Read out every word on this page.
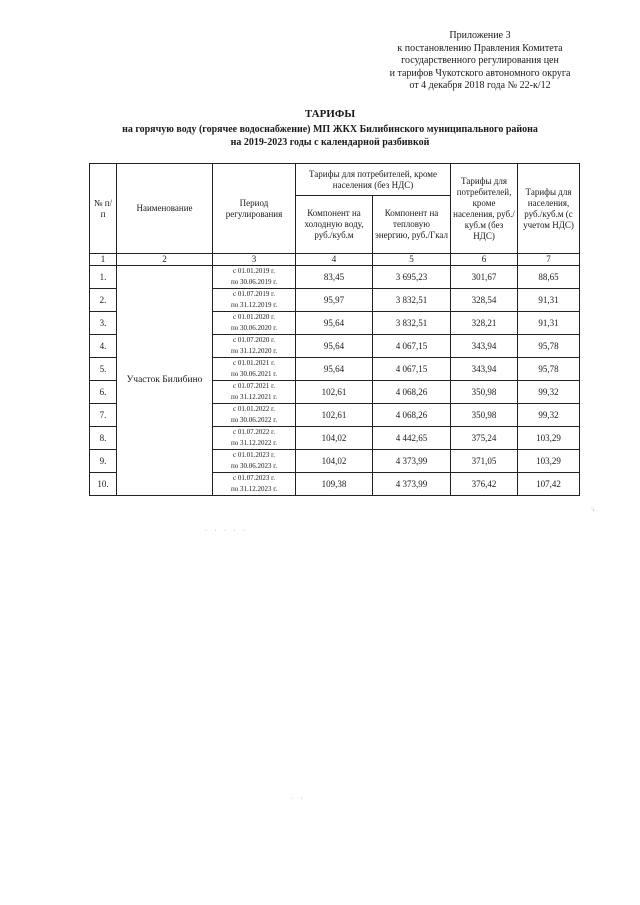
Приложение 3
к постановлению Правления Комитета
государственного регулирования цен
и тарифов Чукотского автономного округа
от 4 декабря 2018 года № 22-к/12
ТАРИФЫ
на горячую воду (горячее водоснабжение) МП ЖКХ Билибинского муниципального района
на 2019-2023 годы с календарной разбивкой
№ п/п	Наименование	Период регулирования	Тарифы для потребителей, кроме населения (без НДС)		Тарифы для потребителей, кроме населения, руб./куб.м (без НДС)	Тарифы для населения, руб./куб.м (с учетом НДС)
			Компонент на холодную воду, руб./куб.м	Компонент на тепловую энергию, руб./Гкал		
1	2	3	4	5	6	7
1.	Участок Билибино	с 01.01.2019 г.
по 30.06.2019 г.	83,45	3 695,23	301,67	88,65
2.		с 01.07.2019 г.
по 31.12.2019 г.	95,97	3 832,51	328,54	91,31
3.		с 01.01.2020 г.
по 30.06.2020 г.	95,64	3 832,51	328,21	91,31
4.		с 01.07.2020 г.
по 31.12.2020 г.	95,64	4 067,15	343,94	95,78
5.		с 01.01.2021 г.
по 30.06.2021 г.	95,64	4 067,15	343,94	95,78
6.		с 01.07.2021 г.
по 31.12.2021 г.	102,61	4 068,26	350,98	99,32
7.		с 01.01.2022 г.
по 30.06.2022 г.	102,61	4 068,26	350,98	99,32
8.		с 01.07.2022 г.
по 31.12.2022 г.	104,02	4 442,65	375,24	103,29
9.		с 01.01.2023 г.
по 30.06.2023 г.	104,02	4 373,99	371,05	103,29
10.		с 01.07.2023 г.
по 31.12.2023 г.	109,38	4 373,99	376,42	107,42
·,
· · · · ·
· ·
